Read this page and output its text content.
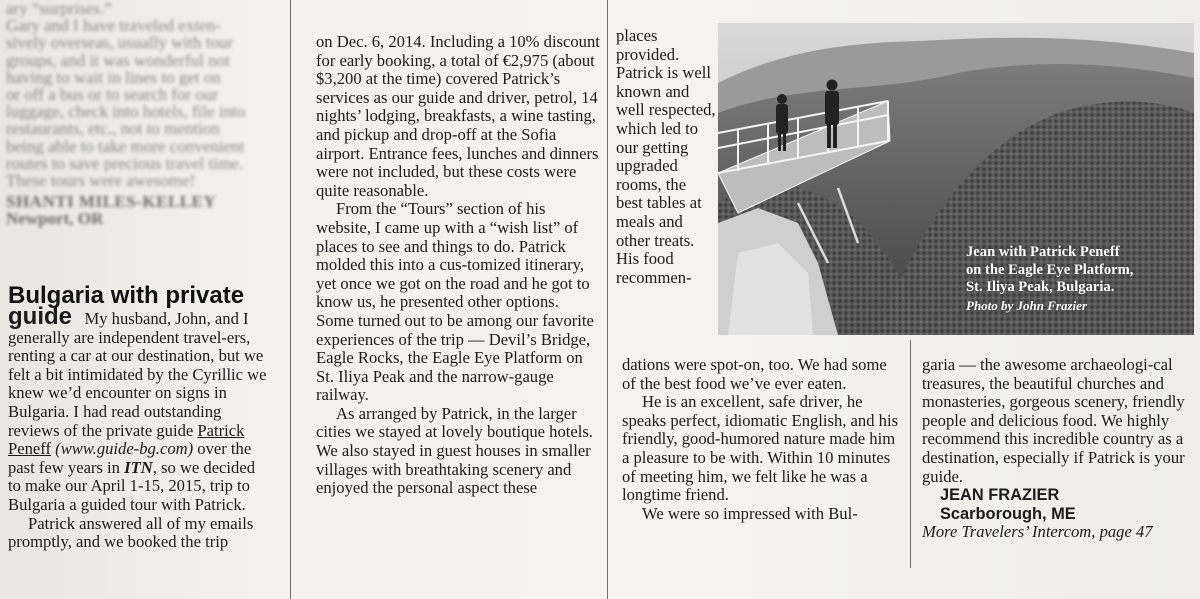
ary “surprises.”
Gary and I have traveled exten-
sively overseas, usually with tour
groups, and it was wonderful not
having to wait in lines to get on
or off a bus or to search for our
luggage, check into hotels, file into
restaurants, etc., not to mention
being able to take more convenient
routes to save precious travel time.
These tours were awesome!
SHANTI MILES-KELLEY
Newport, OR
Bulgaria with private

guide My husband, John, and I generally are independent travel-ers, renting a car at our destination, but we felt a bit intimidated by the Cyrillic we knew we’d encounter on signs in Bulgaria. I had read outstanding reviews of the private guide Patrick Peneff (www.guide-bg.com) over the past few years in ITN, so we decided to make our April 1-15, 2015, trip to Bulgaria a guided tour with Patrick.

Patrick answered all of my emails promptly, and we booked the trip

on Dec. 6, 2014. Including a 10% discount for early booking, a total of €2,975 (about $3,200 at the time) covered Patrick’s services as our guide and driver, petrol, 14 nights’ lodging, breakfasts, a wine tasting, and pickup and drop-off at the Sofia airport. Entrance fees, lunches and dinners were not included, but these costs were quite reasonable.

From the “Tours” section of his website, I came up with a “wish list” of places to see and things to do. Patrick molded this into a cus-tomized itinerary, yet once we got on the road and he got to know us, he presented other options. Some turned out to be among our favorite experiences of the trip — Devil’s Bridge, Eagle Rocks, the Eagle Eye Platform on St. Iliya Peak and the narrow-gauge railway.

As arranged by Patrick, in the larger cities we stayed at lovely boutique hotels. We also stayed in guest houses in smaller villages with breathtaking scenery and enjoyed the personal aspect these

places provided. Patrick is well known and well respected, which led to our getting upgraded rooms, the best tables at meals and other treats. His food recommen-

dations were spot-on, too. We had some of the best food we’ve ever eaten.

He is an excellent, safe driver, he speaks perfect, idiomatic English, and his friendly, good-humored nature made him a pleasure to be with. Within 10 minutes of meeting him, we felt like he was a longtime friend.

We were so impressed with Bul-

garia — the awesome archaeologi-cal treasures, the beautiful churches and monasteries, gorgeous scenery, friendly people and delicious food. We highly recommend this incredible country as a destination, especially if Patrick is your guide.

JEAN FRAZIER

Scarborough, ME

More Travelers’ Intercom, page 47

Jean with Patrick Peneff
on the Eagle Eye Platform,
St. Iliya Peak, Bulgaria.
Photo by John Frazier
